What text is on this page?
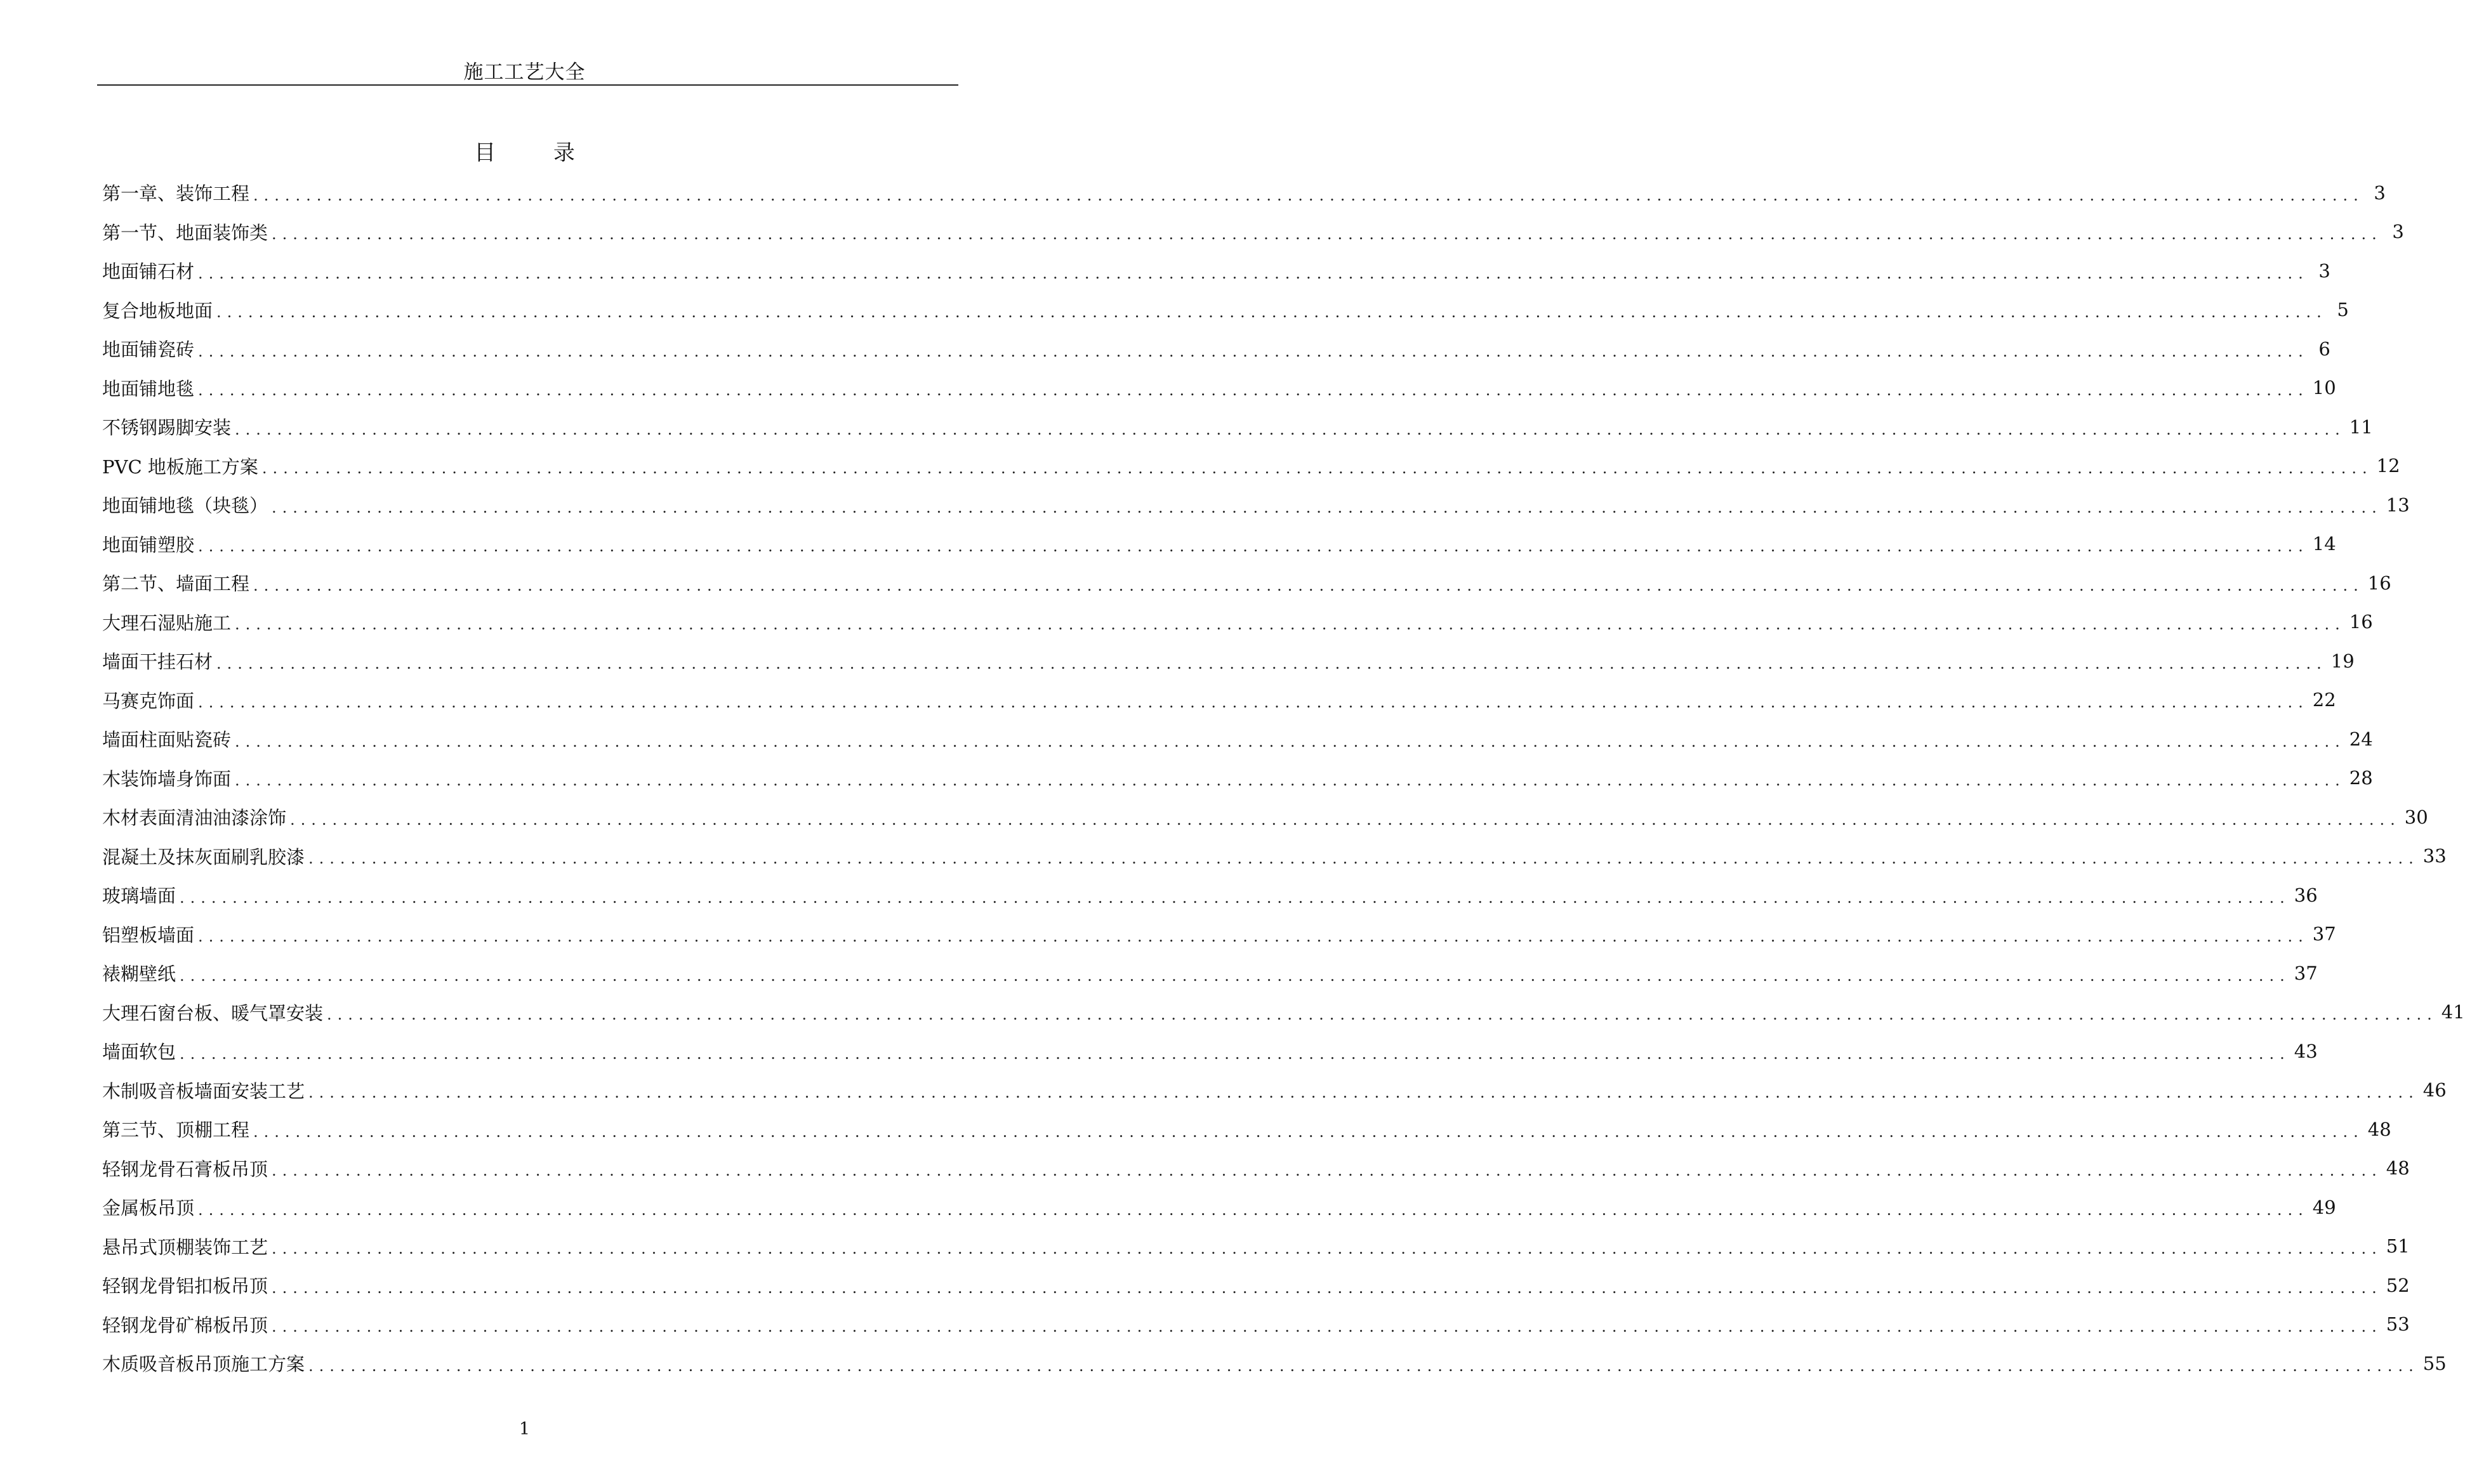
施工工艺大全
目	录
第一章、装饰工程 ........................................................................................................................................................................................................ 3
第一节、地面装饰类 ........................................................................................................................................................................................................ 3
地面铺石材 ........................................................................................................................................................................................................ 3
复合地板地面 ........................................................................................................................................................................................................ 5
地面铺瓷砖 ........................................................................................................................................................................................................ 6
地面铺地毯 ........................................................................................................................................................................................................ 10
不锈钢踢脚安装 ........................................................................................................................................................................................................ 11
PVC 地板施工方案 ........................................................................................................................................................................................................ 12
地面铺地毯（块毯） ........................................................................................................................................................................................................ 13
地面铺塑胶 ........................................................................................................................................................................................................ 14
第二节、墙面工程 ........................................................................................................................................................................................................ 16
大理石湿贴施工 ........................................................................................................................................................................................................ 16
墙面干挂石材 ........................................................................................................................................................................................................ 19
马赛克饰面 ........................................................................................................................................................................................................ 22
墙面柱面贴瓷砖 ........................................................................................................................................................................................................ 24
木装饰墙身饰面 ........................................................................................................................................................................................................ 28
木材表面清油油漆涂饰 ........................................................................................................................................................................................................ 30
混凝土及抹灰面刷乳胶漆 ........................................................................................................................................................................................................ 33
玻璃墙面 ........................................................................................................................................................................................................ 36
铝塑板墙面 ........................................................................................................................................................................................................ 37
裱糊壁纸 ........................................................................................................................................................................................................ 37
大理石窗台板、暖气罩安装 ........................................................................................................................................................................................................ 41
墙面软包 ........................................................................................................................................................................................................ 43
木制吸音板墙面安装工艺 ........................................................................................................................................................................................................ 46
第三节、顶棚工程 ........................................................................................................................................................................................................ 48
轻钢龙骨石膏板吊顶 ........................................................................................................................................................................................................ 48
金属板吊顶 ........................................................................................................................................................................................................ 49
悬吊式顶棚装饰工艺 ........................................................................................................................................................................................................ 51
轻钢龙骨铝扣板吊顶 ........................................................................................................................................................................................................ 52
轻钢龙骨矿棉板吊顶 ........................................................................................................................................................................................................ 53
木质吸音板吊顶施工方案 ........................................................................................................................................................................................................ 55
1
